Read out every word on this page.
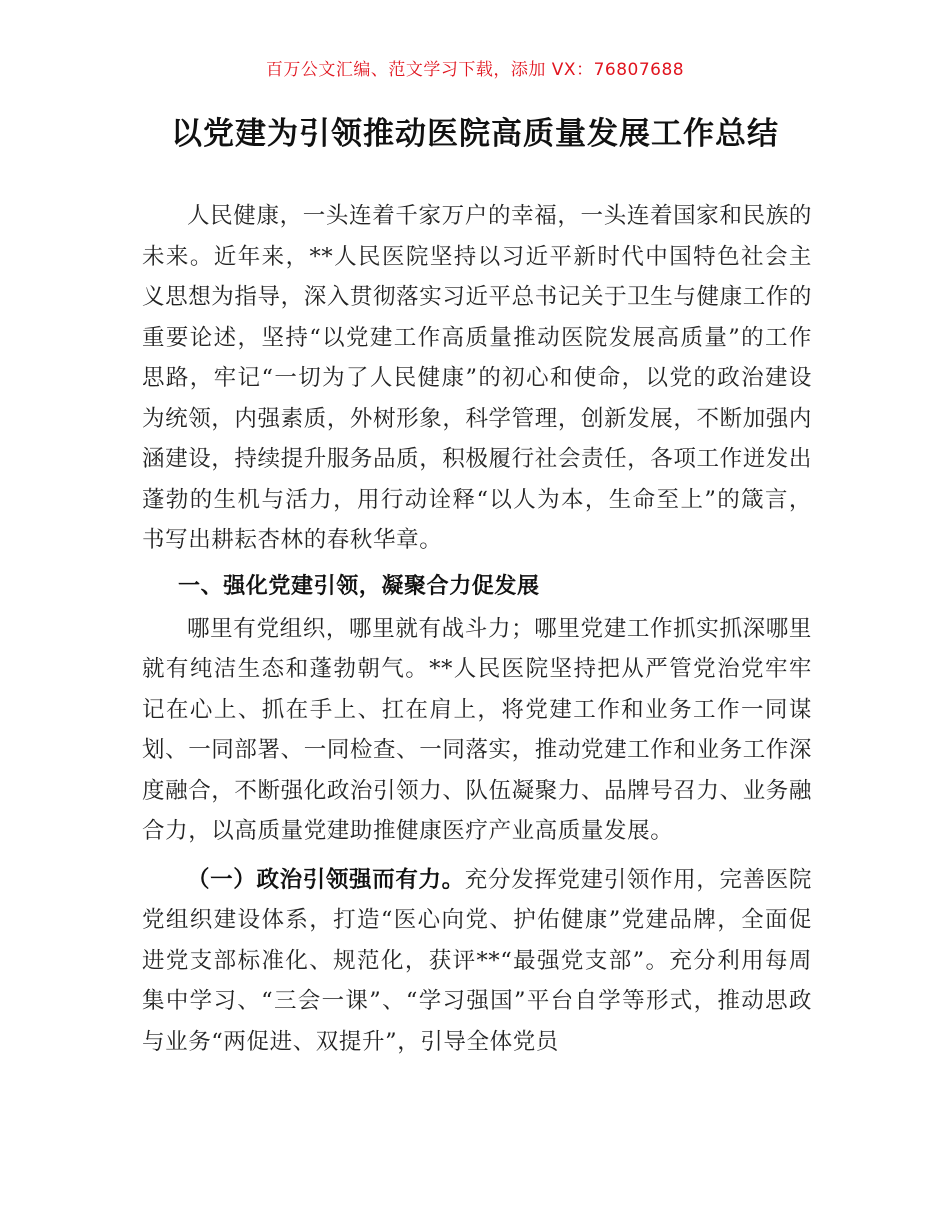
百万公文汇编、范文学习下载，添加 VX：76807688
以党建为引领推动医院高质量发展工作总结

人民健康，一头连着千家万户的幸福，一头连着国家和民族的未来。近年来，**人民医院坚持以习近平新时代中国特色社会主义思想为指导，深入贯彻落实习近平总书记关于卫生与健康工作的重要论述，坚持“以党建工作高质量推动医院发展高质量”的工作思路，牢记“一切为了人民健康”的初心和使命，以党的政治建设为统领，内强素质，外树形象，科学管理，创新发展，不断加强内涵建设，持续提升服务品质，积极履行社会责任，各项工作迸发出蓬勃的生机与活力，用行动诠释“以人为本，生命至上”的箴言，书写出耕耘杏林的春秋华章。

一、强化党建引领，凝聚合力促发展

哪里有党组织，哪里就有战斗力；哪里党建工作抓实抓深哪里就有纯洁生态和蓬勃朝气。**人民医院坚持把从严管党治党牢牢记在心上、抓在手上、扛在肩上，将党建工作和业务工作一同谋划、一同部署、一同检查、一同落实，推动党建工作和业务工作深度融合，不断强化政治引领力、队伍凝聚力、品牌号召力、业务融合力，以高质量党建助推健康医疗产业高质量发展。

（一）政治引领强而有力。充分发挥党建引领作用，完善医院党组织建设体系，打造“医心向党、护佑健康”党建品牌，全面促进党支部标准化、规范化，获评**“最强党支部”。充分利用每周集中学习、“三会一课”、“学习强国”平台自学等形式，推动思政与业务“两促进、双提升”，引导全体党员
